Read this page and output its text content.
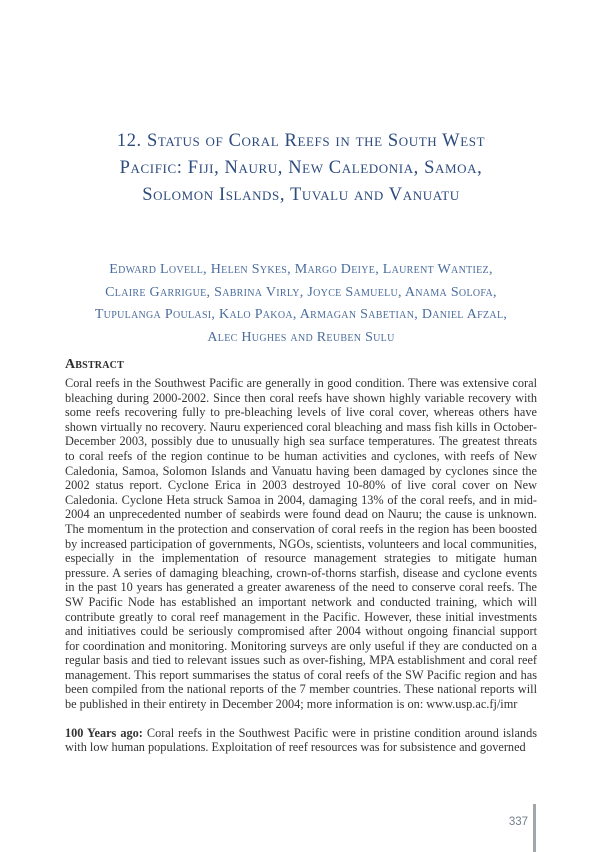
12. Status of Coral Reefs in the South West
Pacific: Fiji, Nauru, New Caledonia, Samoa,
Solomon Islands, Tuvalu and Vanuatu
Edward Lovell, Helen Sykes, Margo Deiye, Laurent Wantiez,
Claire Garrigue, Sabrina Virly, Joyce Samuelu, Anama Solofa,
Tupulanga Poulasi, Kalo Pakoa, Armagan Sabetian, Daniel Afzal,
Alec Hughes and Reuben Sulu
Abstract
Coral reefs in the Southwest Pacific are generally in good condition. There was extensive coral bleaching during 2000-2002. Since then coral reefs have shown highly variable recovery with some reefs recovering fully to pre-bleaching levels of live coral cover, whereas others have shown virtually no recovery. Nauru experienced coral bleaching and mass fish kills in October-December 2003, possibly due to unusually high sea surface temperatures. The greatest threats to coral reefs of the region continue to be human activities and cyclones, with reefs of New Caledonia, Samoa, Solomon Islands and Vanuatu having been damaged by cyclones since the 2002 status report. Cyclone Erica in 2003 destroyed 10-80% of live coral cover on New Caledonia. Cyclone Heta struck Samoa in 2004, damaging 13% of the coral reefs, and in mid-2004 an unprecedented number of seabirds were found dead on Nauru; the cause is unknown. The momentum in the protection and conservation of coral reefs in the region has been boosted by increased participation of governments, NGOs, scientists, volunteers and local communities, especially in the implementation of resource management strategies to mitigate human pressure. A series of damaging bleaching, crown-of-thorns starfish, disease and cyclone events in the past 10 years has generated a greater awareness of the need to conserve coral reefs. The SW Pacific Node has established an important network and conducted training, which will contribute greatly to coral reef management in the Pacific. However, these initial investments and initiatives could be seriously compromised after 2004 without ongoing financial support for coordination and monitoring. Monitoring surveys are only useful if they are conducted on a regular basis and tied to relevant issues such as over-fishing, MPA establishment and coral reef management. This report summarises the status of coral reefs of the SW Pacific region and has been compiled from the national reports of the 7 member countries. These national reports will be published in their entirety in December 2004; more information is on: www.usp.ac.fj/imr
100 Years ago: Coral reefs in the Southwest Pacific were in pristine condition around islands with low human populations. Exploitation of reef resources was for subsistence and governed
337
